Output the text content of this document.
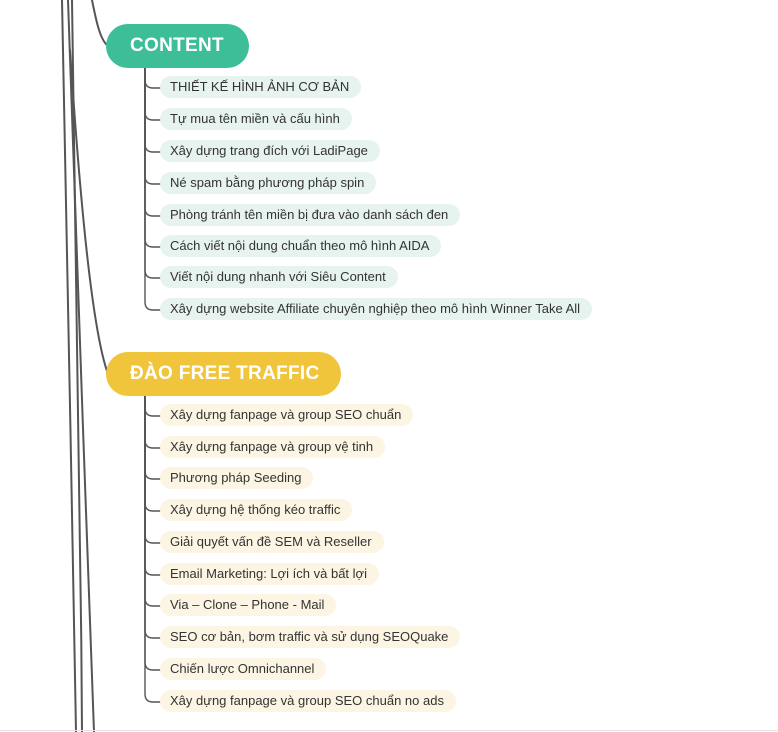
CONTENT
ĐÀO FREE TRAFFIC
THIẾT KẾ HÌNH ẢNH CƠ BẢN
Tự mua tên miền và cấu hình
Xây dựng trang đích với LadiPage
Né spam bằng phương pháp spin
Phòng tránh tên miền bị đưa vào danh sách đen
Cách viết nội dung chuẩn theo mô hình AIDA
Viết nội dung nhanh với Siêu Content
Xây dựng website Affiliate chuyên nghiệp theo mô hình Winner Take All
Xây dựng fanpage và group SEO chuẩn
Xây dựng fanpage và group vệ tinh
Phương pháp Seeding
Xây dựng hệ thống kéo traffic
Giải quyết vấn đề SEM và Reseller
Email Marketing: Lợi ích và bất lợi
Via – Clone – Phone - Mail
SEO cơ bản, bơm traffic và sử dụng SEOQuake
Chiến lược Omnichannel
Xây dựng fanpage và group SEO chuẩn no ads
